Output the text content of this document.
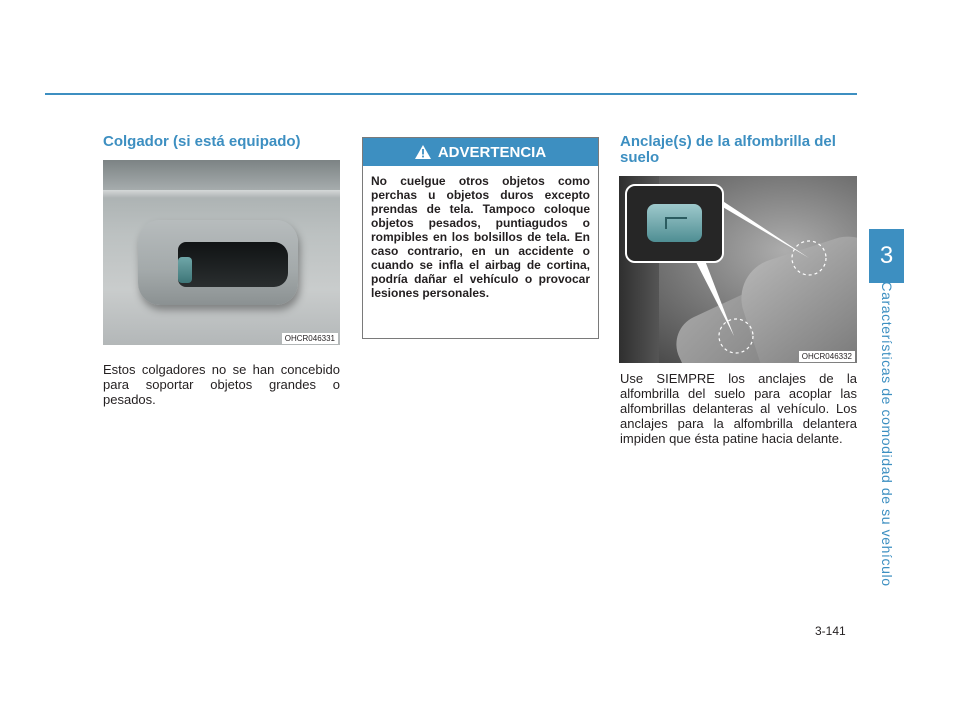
Colgador (si está equipado)
OHCR046331

Estos colgadores no se han concebido para soportar objetos grandes o pesados.

ADVERTENCIA

No cuelgue otros objetos como perchas u objetos duros excepto prendas de tela. Tampoco coloque objetos pesados, puntiagudos o rompibles en los bolsillos de tela. En caso contrario, en un accidente o cuando se infla el airbag de cortina, podría dañar el vehículo o provocar lesiones personales.

Anclaje(s) de la alfombrilla del suelo
OHCR046332

Use SIEMPRE los anclajes de la alfombrilla del suelo para acoplar las alfombrillas delanteras al vehículo. Los anclajes para la alfombrilla delantera impiden que ésta patine hacia delante.

3
Características de comodidad de su vehículo
3-141
